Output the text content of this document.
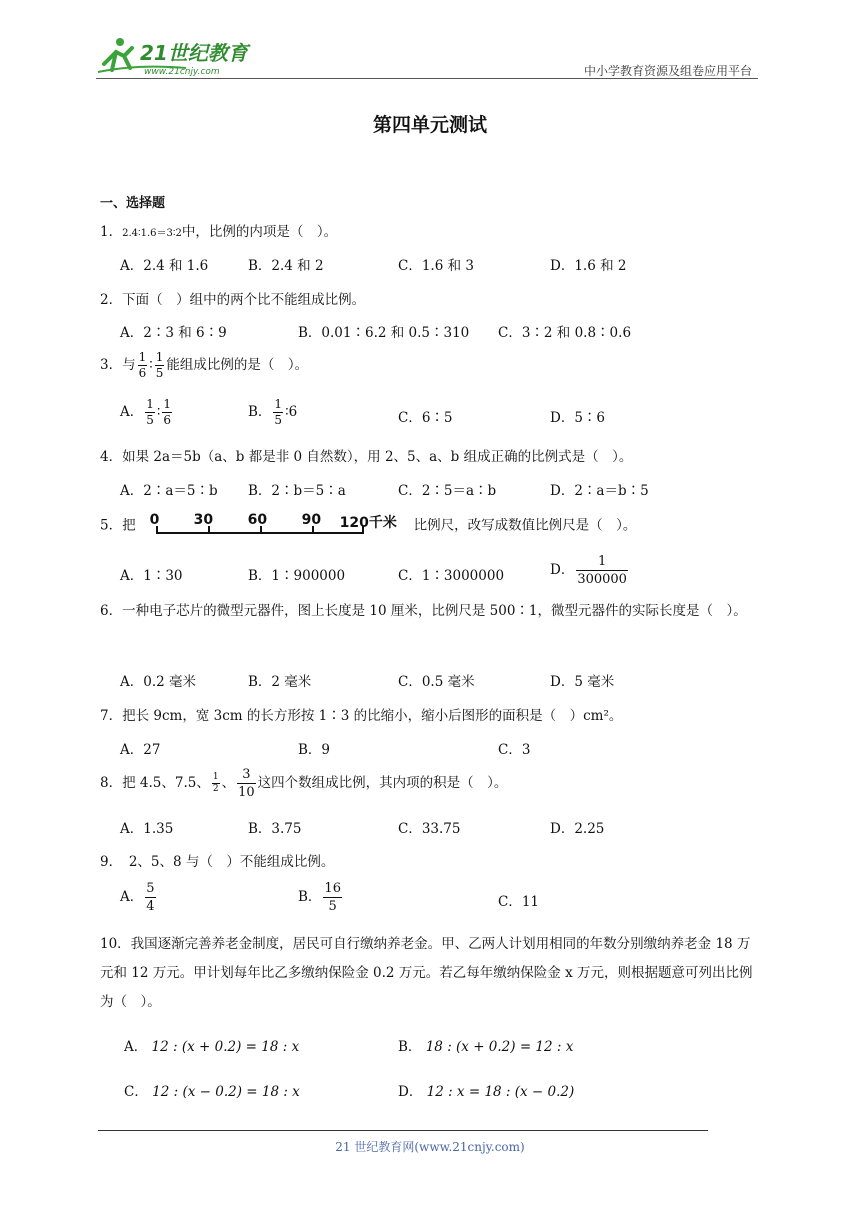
21世纪教育
www.21cnjy.com	中小学教育资源及组卷应用平台
第四单元测试
一、选择题
1．2.4∶1.6＝3∶2中，比例的内项是（　）。
A．2.4 和 1.6	B．2.4 和 2	C．1.6 和 3	D．1.6 和 2
2．下面（　）组中的两个比不能组成比例。
A．2∶3 和 6∶9	B．0.01∶6.2 和 0.5∶310 C．3∶2 和 0.8∶0.6
3．与 $\frac{1}{6}$ ∶ $\frac{1}{5}$ 能组成比例的是（　）。
A． $\frac{1}{5}$ ∶ $\frac{1}{6}$	B． $\frac{1}{5}$ ∶6	C．6∶5	D．5∶6
4．如果 2a＝5b（a、b 都是非 0 自然数），用 2、5、a、b 组成正确的比例式是（　）。
A．2∶a＝5∶b B．2∶b＝5∶a	C．2∶5＝a∶b	D．2∶a＝b∶5
5．把 0 30 60 90 120千米 比例尺，改写成数值比例尺是（　）。
A．1∶30	B．1∶900000	C．1∶3000000	D． $\frac{1}{300000}$
6．一种电子芯片的微型元器件，图上长度是 10 厘米，比例尺是 500∶1，微型元器件的实际长度是（　）。
A．0.2 毫米	B．2 毫米	C．0.5 毫米	D．5 毫米
7．把长 9cm，宽 3cm 的长方形按 1∶3 的比缩小，缩小后图形的面积是（　）cm²。
A．27	B．9	C．3
8．把 4.5、7.5、 $\frac{1}{2}$ 、 $\frac{3}{10}$ 这四个数组成比例，其内项的积是（　）。
A．1.35	B．3.75	C．33.75	D．2.25
9．　2、5、8 与（　）不能组成比例。
A． $\frac{5}{4}$	B． $\frac{16}{5}$	C．11
10．我国逐渐完善养老金制度，居民可自行缴纳养老金。甲、乙两人计划用相同的年数分别缴纳养老金 18 万元和 12 万元。甲计划每年比乙多缴纳保险金 0.2 万元。若乙每年缴纳保险金 x 万元，则根据题意可列出比例为（　）。
A． 12 : (x + 0.2) = 18 : x	B． 18 : (x + 0.2) = 12 : x
C． 12 : (x − 0.2) = 18 : x	D． 12 : x = 18 : (x − 0.2)
21 世纪教育网(www.21cnjy.com)
